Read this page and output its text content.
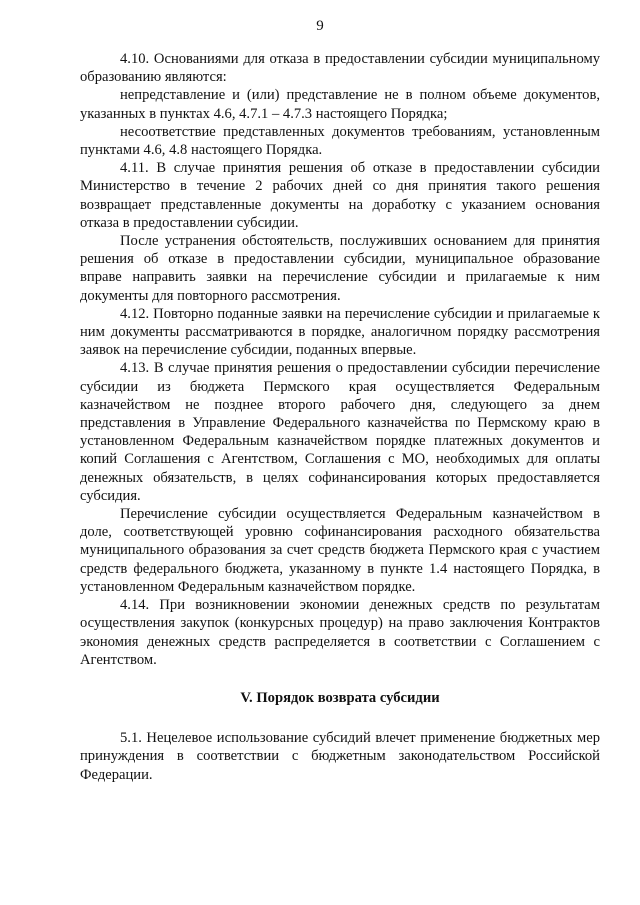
9

4.10. Основаниями для отказа в предоставлении субсидии муниципальному образованию являются:

непредставление и (или) представление не в полном объеме документов, указанных в пунктах 4.6, 4.7.1 – 4.7.3 настоящего Порядка;

несоответствие представленных документов требованиям, установленным пунктами 4.6, 4.8 настоящего Порядка.

4.11. В случае принятия решения об отказе в предоставлении субсидии Министерство в течение 2 рабочих дней со дня принятия такого решения возвращает представленные документы на доработку с указанием основания отказа в предоставлении субсидии.

После устранения обстоятельств, послуживших основанием для принятия решения об отказе в предоставлении субсидии, муниципальное образование вправе направить заявки на перечисление субсидии и прилагаемые к ним документы для повторного рассмотрения.

4.12. Повторно поданные заявки на перечисление субсидии и прилагаемые к ним документы рассматриваются в порядке, аналогичном порядку рассмотрения заявок на перечисление субсидии, поданных впервые.

4.13. В случае принятия решения о предоставлении субсидии перечисление субсидии из бюджета Пермского края осуществляется Федеральным казначейством не позднее второго рабочего дня, следующего за днем представления в Управление Федерального казначейства по Пермскому краю в установленном Федеральным казначейством порядке платежных документов и копий Соглашения с Агентством, Соглашения с МО, необходимых для оплаты денежных обязательств, в целях софинансирования которых предоставляется субсидия.

Перечисление субсидии осуществляется Федеральным казначейством в доле, соответствующей уровню софинансирования расходного обязательства муниципального образования за счет средств бюджета Пермского края с участием средств федерального бюджета, указанному в пункте 1.4 настоящего Порядка, в установленном Федеральным казначейством порядке.

4.14. При возникновении экономии денежных средств по результатам осуществления закупок (конкурсных процедур) на право заключения Контрактов экономия денежных средств распределяется в соответствии с Соглашением с Агентством.

V. Порядок возврата субсидии

5.1. Нецелевое использование субсидий влечет применение бюджетных мер принуждения в соответствии с бюджетным законодательством Российской Федерации.
